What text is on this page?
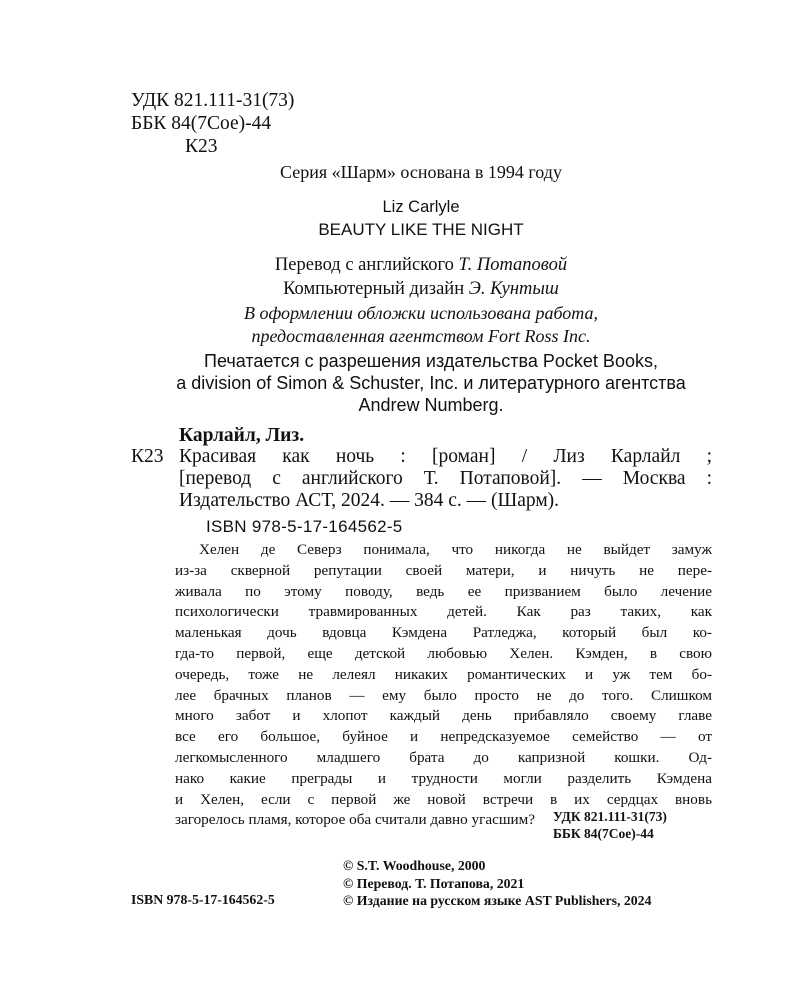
УДК 821.111-31(73)
ББК 84(7Сое)-44
К23
Серия «Шарм» основана в 1994 году
Liz Carlyle
BEAUTY LIKE THE NIGHT
Перевод с английского Т. Потаповой
Компьютерный дизайн Э. Кунтыш
В оформлении обложки использована работа,
предоставленная агентством Fort Ross Inc.
Печатается с разрешения издательства Pocket Books,
a division of Simon & Schuster, Inc. и литературного агентства
Andrew Numberg.
Карлайл, Лиз.
К23 Красивая как ночь : [роман] / Лиз Карлайл ;
[перевод с английского Т. Потаповой]. — Москва :
Издательство АСТ, 2024. — 384 с. — (Шарм).
ISBN 978-5-17-164562-5
Хелен де Северз понимала, что никогда не выйдет замуж
из-за скверной репутации своей матери, и ничуть не пере-
живала по этому поводу, ведь ее призванием было лечение
психологически травмированных детей. Как раз таких, как
маленькая дочь вдовца Кэмдена Ратледжа, который был ко-
гда-то первой, еще детской любовью Хелен. Кэмден, в свою
очередь, тоже не лелеял никаких романтических и уж тем бо-
лее брачных планов — ему было просто не до того. Слишком
много забот и хлопот каждый день прибавляло своему главе
все его большое, буйное и непредсказуемое семейство — от
легкомысленного младшего брата до капризной кошки. Од-
нако какие преграды и трудности могли разделить Кэмдена
и Хелен, если с первой же новой встречи в их сердцах вновь
загорелось пламя, которое оба считали давно угасшим?	УДК 821.111-31(73)
ББК 84(7Сое)-44
© S.T. Woodhouse, 2000
© Перевод. Т. Потапова, 2021
© Издание на русском языке AST Publishers, 2024
ISBN 978-5-17-164562-5
